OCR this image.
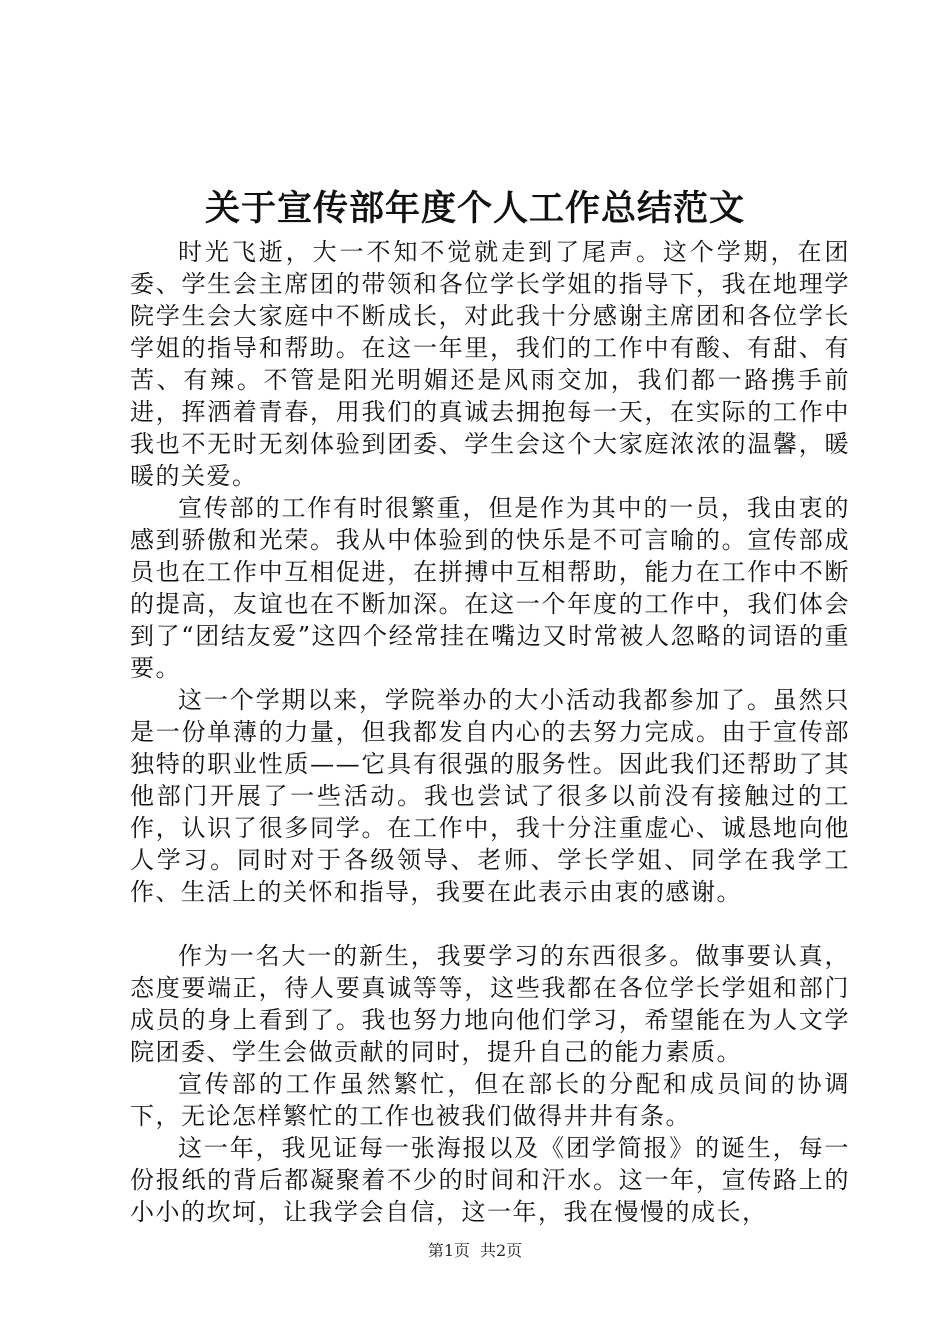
关于宣传部年度个人工作总结范文

时光飞逝，大一不知不觉就走到了尾声。这个学期，在团委、学生会主席团的带领和各位学长学姐的指导下，我在地理学院学生会大家庭中不断成长，对此我十分感谢主席团和各位学长学姐的指导和帮助。在这一年里，我们的工作中有酸、有甜、有苦、有辣。不管是阳光明媚还是风雨交加，我们都一路携手前进，挥洒着青春，用我们的真诚去拥抱每一天，在实际的工作中我也不无时无刻体验到团委、学生会这个大家庭浓浓的温馨，暖暖的关爱。

宣传部的工作有时很繁重，但是作为其中的一员，我由衷的感到骄傲和光荣。我从中体验到的快乐是不可言喻的。宣传部成员也在工作中互相促进，在拼搏中互相帮助，能力在工作中不断的提高，友谊也在不断加深。在这一个年度的工作中，我们体会到了“团结友爱”这四个经常挂在嘴边又时常被人忽略的词语的重要。

这一个学期以来，学院举办的大小活动我都参加了。虽然只是一份单薄的力量，但我都发自内心的去努力完成。由于宣传部独特的职业性质——它具有很强的服务性。因此我们还帮助了其他部门开展了一些活动。我也尝试了很多以前没有接触过的工作，认识了很多同学。在工作中，我十分注重虚心、诚恳地向他人学习。同时对于各级领导、老师、学长学姐、同学在我学工作、生活上的关怀和指导，我要在此表示由衷的感谢。

作为一名大一的新生，我要学习的东西很多。做事要认真，态度要端正，待人要真诚等等，这些我都在各位学长学姐和部门成员的身上看到了。我也努力地向他们学习，希望能在为人文学院团委、学生会做贡献的同时，提升自己的能力素质。

宣传部的工作虽然繁忙，但在部长的分配和成员间的协调下，无论怎样繁忙的工作也被我们做得井井有条。

这一年，我见证每一张海报以及《团学简报》的诞生，每一份报纸的背后都凝聚着不少的时间和汗水。这一年，宣传路上的小小的坎坷，让我学会自信，这一年，我在慢慢的成长，

第1页 共2页
